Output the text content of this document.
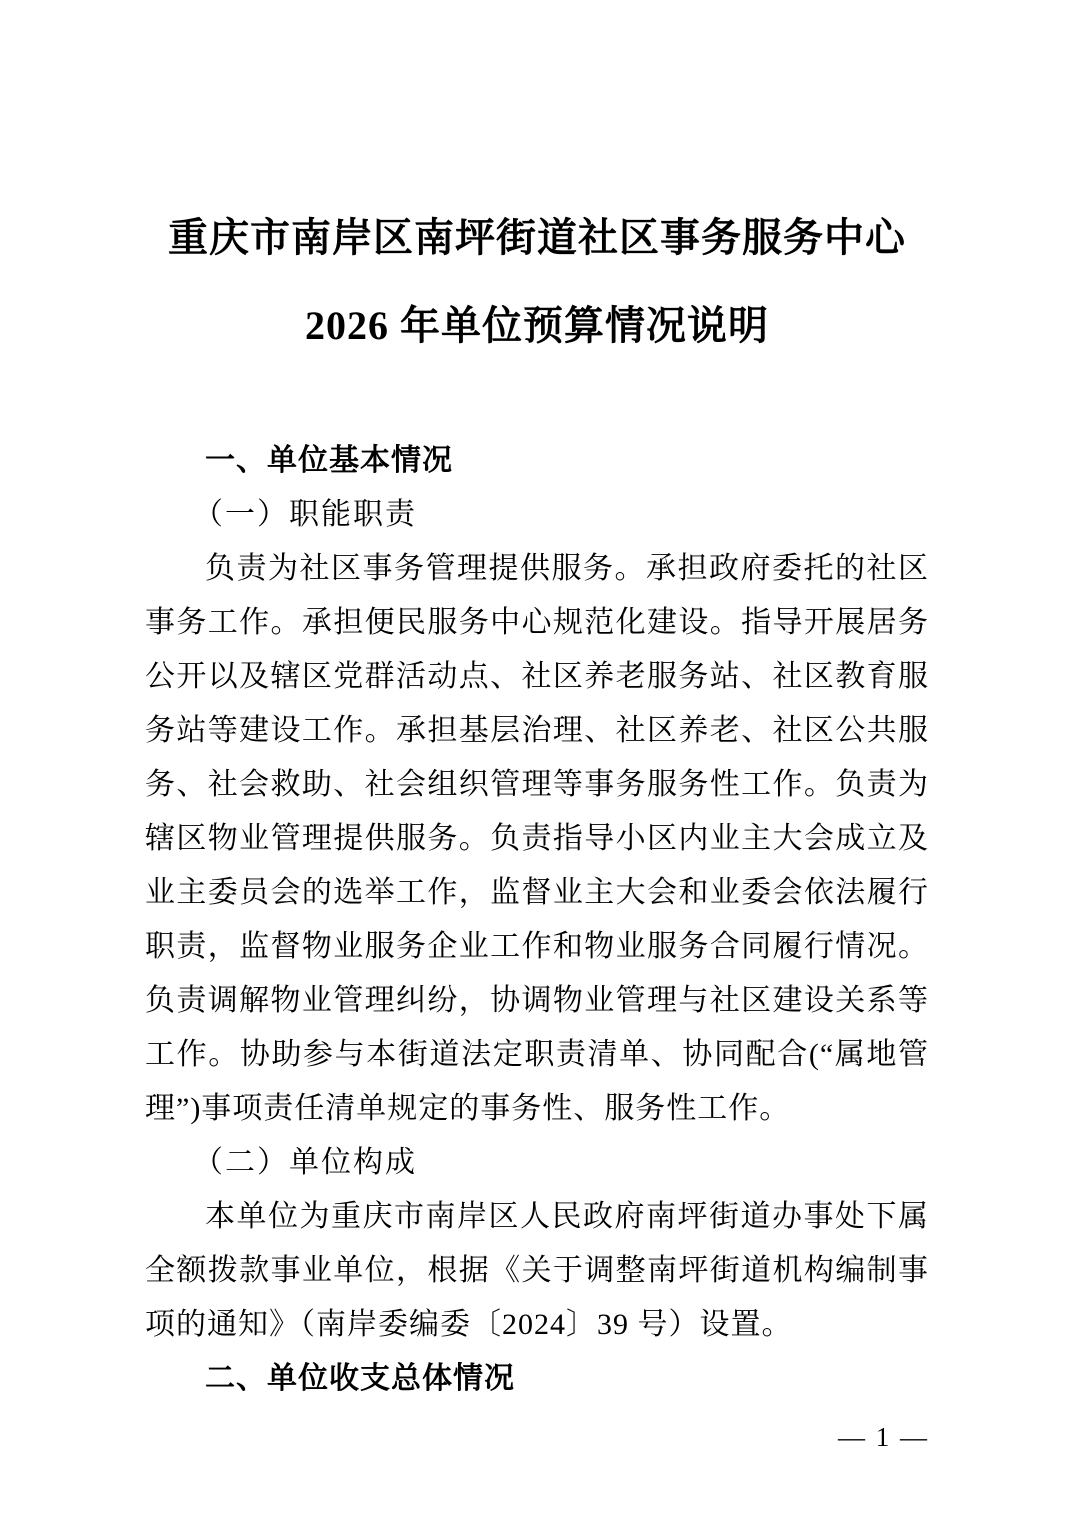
重庆市南岸区南坪街道社区事务服务中心
2026 年单位预算情况说明
一、单位基本情况
（一）职能职责

负责为社区事务管理提供服务。承担政府委托的社区事务工作。承担便民服务中心规范化建设。指导开展居务公开以及辖区党群活动点、社区养老服务站、社区教育服务站等建设工作。承担基层治理、社区养老、社区公共服务、社会救助、社会组织管理等事务服务性工作。负责为辖区物业管理提供服务。负责指导小区内业主大会成立及业主委员会的选举工作，监督业主大会和业委会依法履行职责，监督物业服务企业工作和物业服务合同履行情况。负责调解物业管理纠纷，协调物业管理与社区建设关系等工作。协助参与本街道法定职责清单、协同配合(“属地管理”)事项责任清单规定的事务性、服务性工作。

（二）单位构成

本单位为重庆市南岸区人民政府南坪街道办事处下属全额拨款事业单位，根据《关于调整南坪街道机构编制事项的通知》（南岸委编委〔2024〕39 号）设置。

二、单位收支总体情况
— 1 —
